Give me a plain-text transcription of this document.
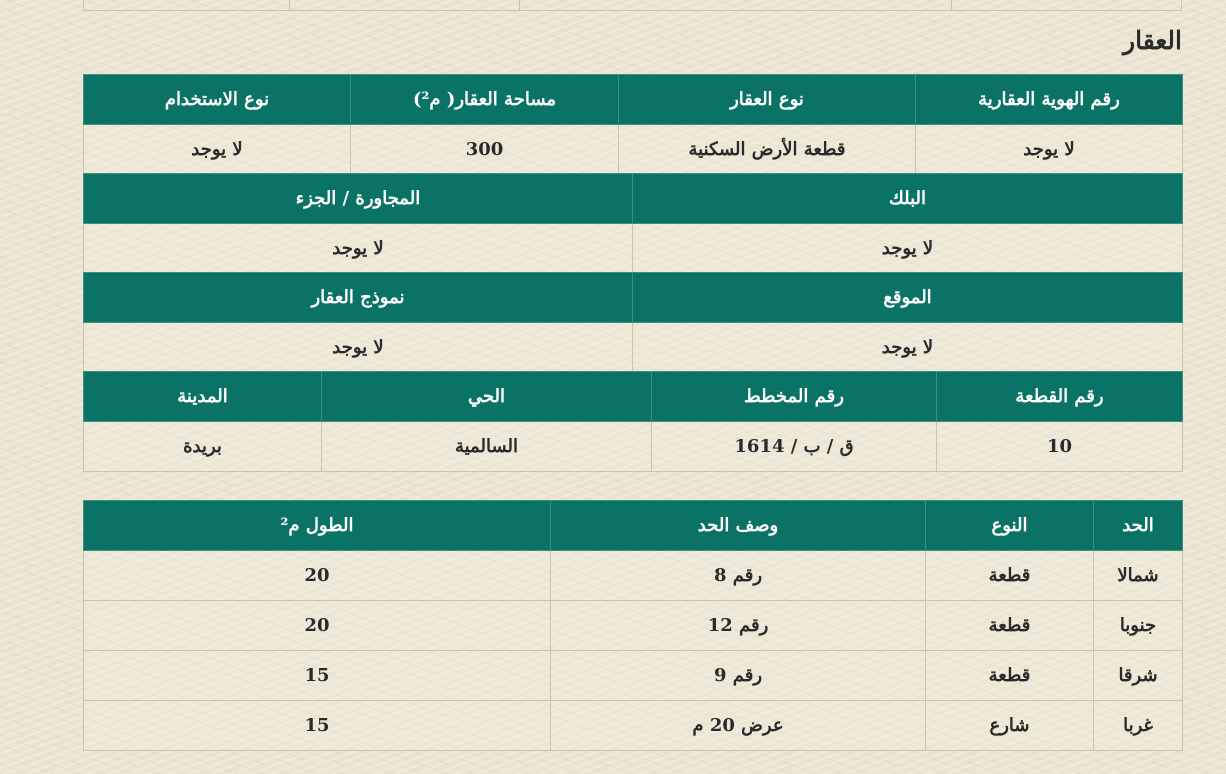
العقار
رقم الهوية العقارية	نوع العقار	مساحة العقار( م²)	نوع الاستخدام
لا يوجد	قطعة الأرض السكنية	300	لا يوجد
البلك	المجاورة / الجزء
لا يوجد	لا يوجد
الموقع	نموذج العقار
لا يوجد	لا يوجد
رقم القطعة	رقم المخطط	الحي	المدينة
10	ق / ب / 1614	السالمية	بريدة
الحد	النوع	وصف الحد	الطول م²
شمالا	قطعة	رقم 8	20
جنوبا	قطعة	رقم 12	20
شرقا	قطعة	رقم 9	15
غربا	شارع	عرض 20 م	15
